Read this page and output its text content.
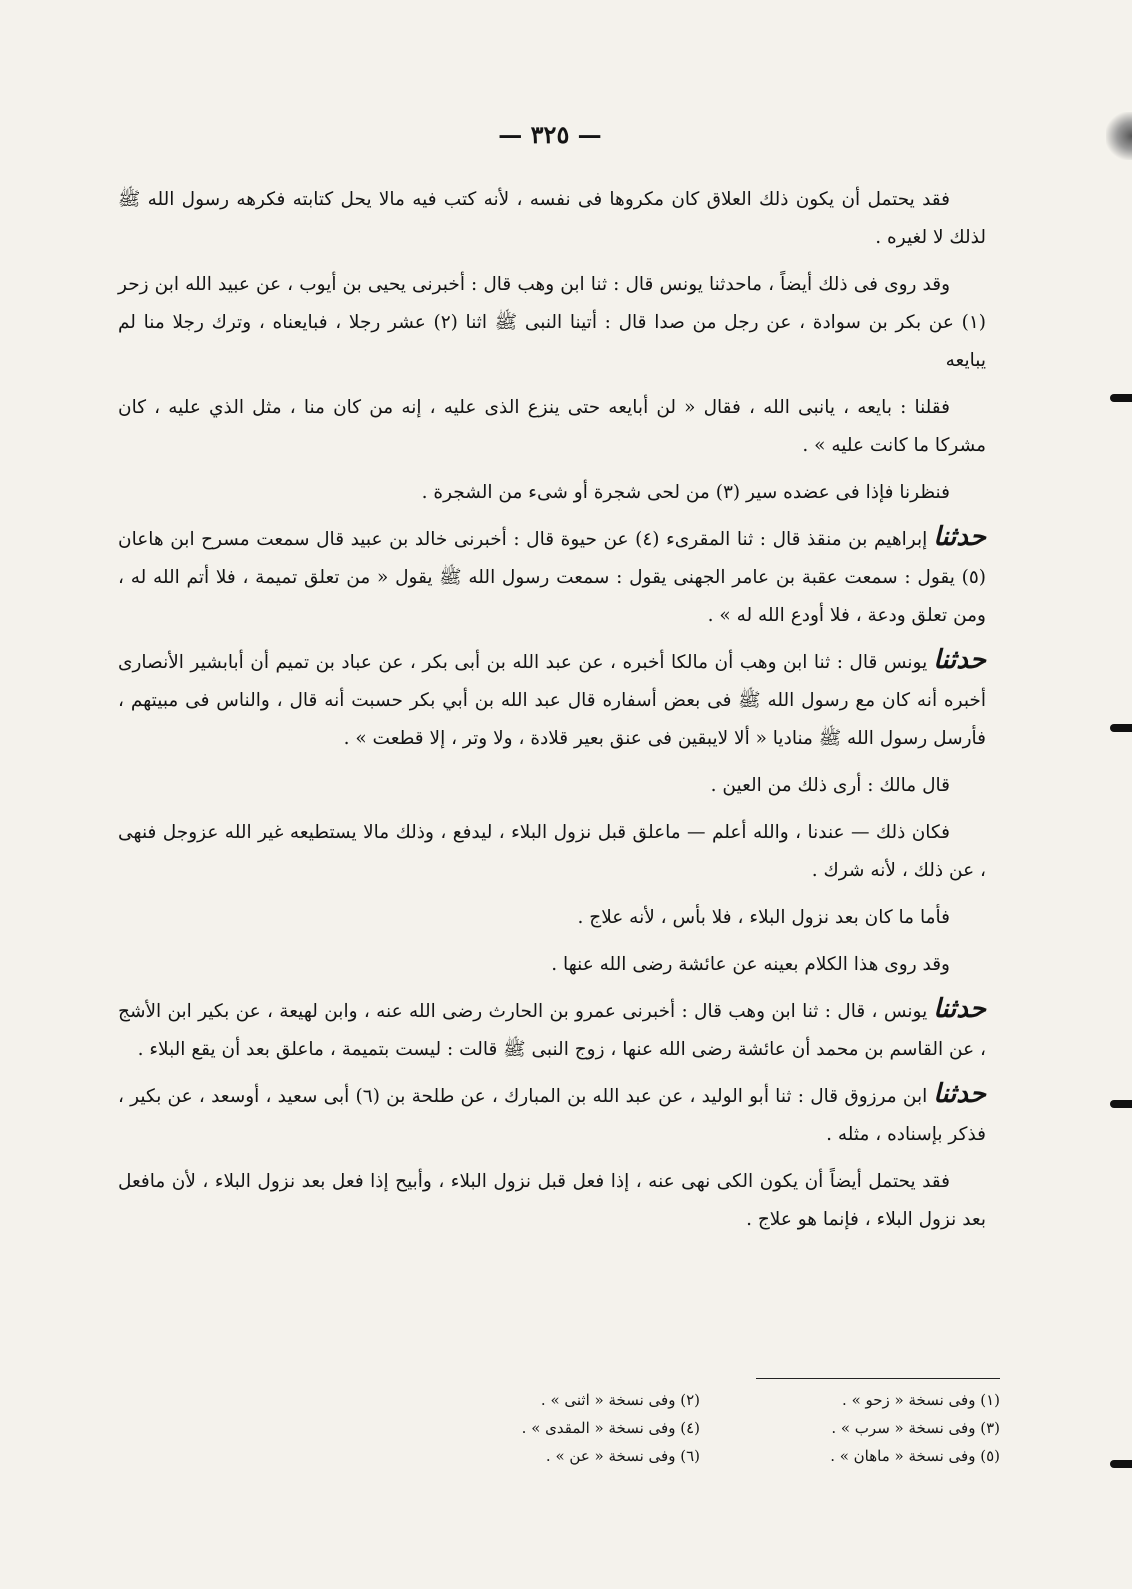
— ٣٢٥ —

فقد يحتمل أن يكون ذلك العلاق كان مكروها فى نفسه ، لأنه كتب فيه مالا يحل كتابته فكرهه رسول الله ﷺ لذلك لا لغيره .

وقد روى فى ذلك أيضاً ، ماحدثنا يونس قال : ثنا ابن وهب قال : أخبرنى يحيى بن أيوب ، عن عبيد الله ابن زحر (١) عن بكر بن سوادة ، عن رجل من صدا قال : أتينا النبى ﷺ اثنا (٢) عشر رجلا ، فبايعناه ، وترك رجلا منا لم يبايعه

فقلنا : بايعه ، يانبى الله ، فقال « لن أبايعه حتى ينزع الذى عليه ، إنه من كان منا ، مثل الذي عليه ، كان مشركا ما كانت عليه » .

فنظرنا فإذا فى عضده سير (٣) من لحى شجرة أو شىء من الشجرة .

حدثناإبراهيم بن منقذ قال : ثنا المقرىء (٤) عن حيوة قال : أخبرنى خالد بن عبيد قال سمعت مسرح ابن هاعان (٥) يقول : سمعت عقبة بن عامر الجهنى يقول : سمعت رسول الله ﷺ يقول « من تعلق تميمة ، فلا أتم الله له ، ومن تعلق ودعة ، فلا أودع الله له » .

حدثنايونس قال : ثنا ابن وهب أن مالكا أخبره ، عن عبد الله بن أبى بكر ، عن عباد بن تميم أن أبابشير الأنصارى أخبره أنه كان مع رسول الله ﷺ فى بعض أسفاره قال عبد الله بن أبي بكر حسبت أنه قال ، والناس فى مبيتهم ، فأرسل رسول الله ﷺ مناديا « ألا لايبقين فى عنق بعير قلادة ، ولا وتر ، إلا قطعت » .

قال مالك : أرى ذلك من العين .

فكان ذلك — عندنا ، والله أعلم — ماعلق قبل نزول البلاء ، ليدفع ، وذلك مالا يستطيعه غير الله عزوجل فنهى ، عن ذلك ، لأنه شرك .

فأما ما كان بعد نزول البلاء ، فلا بأس ، لأنه علاج .

وقد روى هذا الكلام بعينه عن عائشة رضى الله عنها .

حدثنايونس ، قال : ثنا ابن وهب قال : أخبرنى عمرو بن الحارث رضى الله عنه ، وابن لهيعة ، عن بكير ابن الأشج ، عن القاسم بن محمد أن عائشة رضى الله عنها ، زوج النبى ﷺ قالت : ليست بتميمة ، ماعلق بعد أن يقع البلاء .

حدثناابن مرزوق قال : ثنا أبو الوليد ، عن عبد الله بن المبارك ، عن طلحة بن (٦) أبى سعيد ، أوسعد ، عن بكير ، فذكر بإسناده ، مثله .

فقد يحتمل أيضاً أن يكون الكى نهى عنه ، إذا فعل قبل نزول البلاء ، وأبيح إذا فعل بعد نزول البلاء ، لأن مافعل بعد نزول البلاء ، فإنما هو علاج .

(١) وفى نسخة « زحو » .
(٣) وفى نسخة « سرب » .
(٥) وفى نسخة « ماهان » .
(٢) وفى نسخة « اثنى » .
(٤) وفى نسخة « المقدى » .
(٦) وفى نسخة « عن » .
